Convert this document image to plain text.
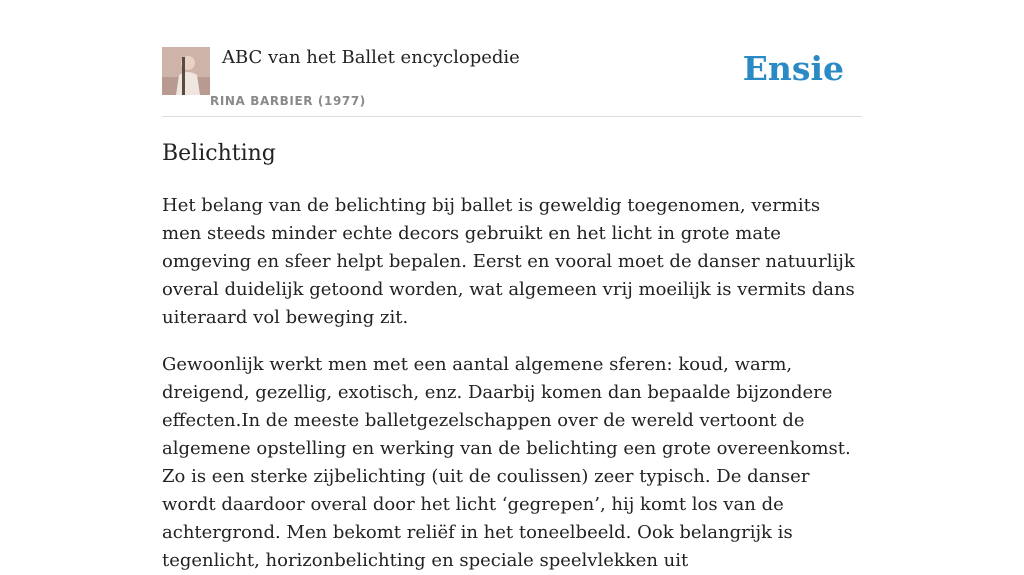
ABC van het Ballet encyclopedie
RINA BARBIER (1977)
Ensie
Belichting

Het belang van de belichting bij ballet is geweldig toegenomen, vermits men steeds minder echte decors gebruikt en het licht in grote mate omgeving en sfeer helpt bepalen. Eerst en vooral moet de danser natuurlijk overal duidelijk getoond worden, wat algemeen vrij moeilijk is vermits dans uiteraard vol beweging zit.

Gewoonlijk werkt men met een aantal algemene sferen: koud, warm, dreigend, gezellig, exotisch, enz. Daarbij komen dan bepaalde bijzondere effecten.In de meeste balletgezelschappen over de wereld vertoont de algemene opstelling en werking van de belichting een grote overeenkomst. Zo is een sterke zijbelichting (uit de coulissen) zeer typisch. De danser wordt daardoor overal door het licht ‘gegrepen’, hij komt los van de achtergrond. Men bekomt reliëf in het toneelbeeld. Ook belangrijk is tegenlicht, horizonbelichting en speciale speelvlekken uit
